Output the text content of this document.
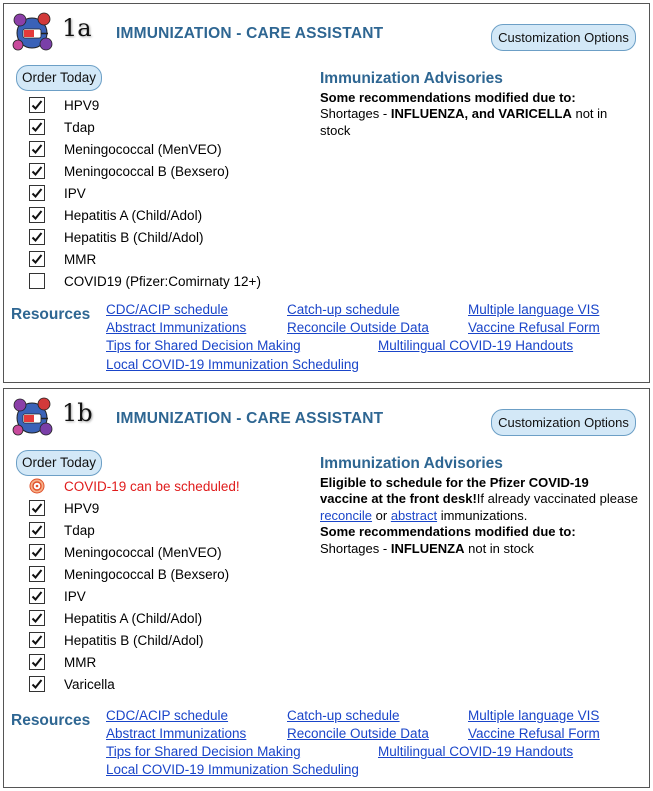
1a IMMUNIZATION - CARE ASSISTANT	Customization Options
Order Today
HPV9
Tdap
Meningococcal (MenVEO)
Meningococcal B (Bexsero)
IPV
Hepatitis A (Child/Adol)
Hepatitis B (Child/Adol)
MMR
COVID19 (Pfizer:Comirnaty 12+)
Immunization Advisories
Some recommendations modified due to:
Shortages - INFLUENZA, and VARICELLA not in stock
Resources CDC/ACIP schedule	Catch-up schedule	Multiple language VIS
Abstract Immunizations	Reconcile Outside Data	Vaccine Refusal Form
Tips for Shared Decision Making	Multilingual COVID-19 Handouts
Local COVID-19 Immunization Scheduling
1b IMMUNIZATION - CARE ASSISTANT	Customization Options
Order Today
COVID-19 can be scheduled!
HPV9
Tdap
Meningococcal (MenVEO)
Meningococcal B (Bexsero)
IPV
Hepatitis A (Child/Adol)
Hepatitis B (Child/Adol)
MMR
Varicella
Immunization Advisories
Eligible to schedule for the Pfizer COVID-19 vaccine at the front desk!If already vaccinated please reconcile or abstract immunizations.
Some recommendations modified due to:
Shortages - INFLUENZA not in stock
Resources CDC/ACIP schedule	Catch-up schedule	Multiple language VIS
Abstract Immunizations	Reconcile Outside Data	Vaccine Refusal Form
Tips for Shared Decision Making	Multilingual COVID-19 Handouts
Local COVID-19 Immunization Scheduling
